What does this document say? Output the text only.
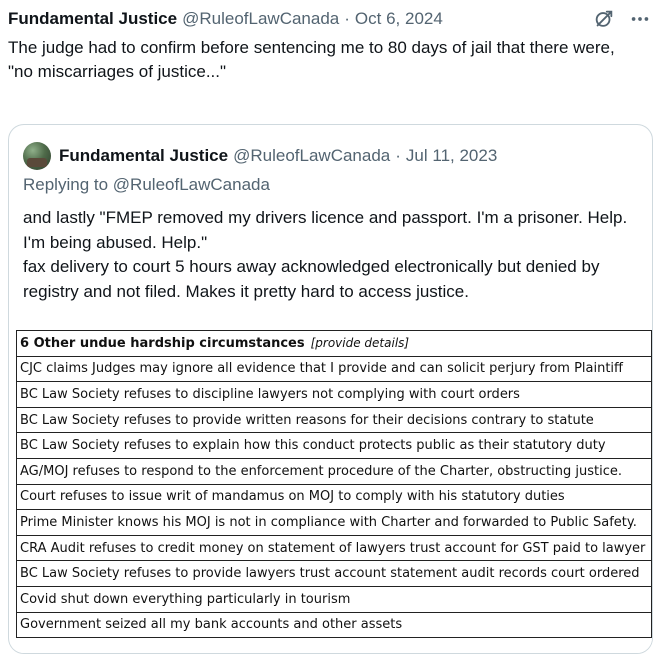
Fundamental Justice @RuleofLawCanada · Oct 6, 2024
The judge had to confirm before sentencing me to 80 days of jail that there were,
"no miscarriages of justice..."
Fundamental Justice @RuleofLawCanada · Jul 11, 2023
Replying to @RuleofLawCanada
and lastly "FMEP removed my drivers licence and passport. I'm a prisoner. Help. I'm being abused. Help."
fax delivery to court 5 hours away acknowledged electronically but denied by registry and not filed. Makes it pretty hard to access justice.
6 Other undue hardship circumstances [provide details]
CJC claims Judges may ignore all evidence that I provide and can solicit perjury from Plaintiff
BC Law Society refuses to discipline lawyers not complying with court orders
BC Law Society refuses to provide written reasons for their decisions contrary to statute
BC Law Society refuses to explain how this conduct protects public as their statutory duty
AG/MOJ refuses to respond to the enforcement procedure of the Charter, obstructing justice.
Court refuses to issue writ of mandamus on MOJ to comply with his statutory duties
Prime Minister knows his MOJ is not in compliance with Charter and forwarded to Public Safety.
CRA Audit refuses to credit money on statement of lawyers trust account for GST paid to lawyer
BC Law Society refuses to provide lawyers trust account statement audit records court ordered
Covid shut down everything particularly in tourism
Government seized all my bank accounts and other assets
